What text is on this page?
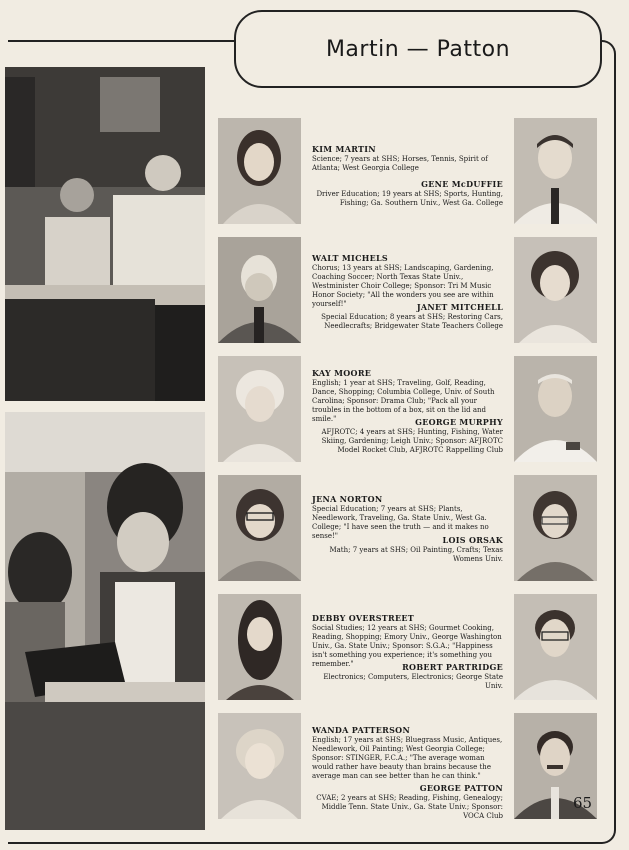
Martin — Patton
KIM MARTIN
Science; 7 years at SHS; Horses, Tennis, Spirit of Atlanta; West Georgia College
GENE McDUFFIE
Driver Education; 19 years at SHS; Sports, Hunting, Fishing; Ga. Southern Univ., West Ga. College
WALT MICHELS
Chorus; 13 years at SHS; Landscaping, Gardening, Coaching Soccer; North Texas State Univ., Westminister Choir College; Sponsor: Tri M Music Honor Society; "All the wonders you see are within yourself!"	JANET MITCHELL
Special Education; 8 years at SHS; Restoring Cars, Needlecrafts; Bridgewater State Teachers College
KAY MOORE
English; 1 year at SHS; Traveling, Golf, Reading, Dance, Shopping; Columbia College, Univ. of South Carolina; Sponsor: Drama Club; "Pack all your troubles in the bottom of a box, sit on the lid and smile."	GEORGE MURPHY
AFJROTC; 4 years at SHS; Hunting, Fishing, Water Skiing, Gardening; Leigh Univ.; Sponsor: AFJROTC Model Rocket Club, AFJROTC Rappelling Club
JENA NORTON
Special Education; 7 years at SHS; Plants, Needlework, Traveling, Ga. State Univ., West Ga. College; "I have seen the truth — and it makes no sense!"	LOIS ORSAK
Math; 7 years at SHS; Oil Painting, Crafts; Texas Womens Univ.
DEBBY OVERSTREET
Social Studies; 12 years at SHS; Gourmet Cooking, Reading, Shopping; Emory Univ., George Washington Univ., Ga. State Univ.; Sponsor: S.G.A.; "Happiness isn't something you experience; it's something you remember."	ROBERT PARTRIDGE
Electronics; Computers, Electronics; George State Univ.
WANDA PATTERSON
English; 17 years at SHS; Bluegrass Music, Antiques, Needlework, Oil Painting; West Georgia College; Sponsor: STINGER, F.C.A.; "The average woman would rather have beauty than brains because the average man can see better than he can think."
GEORGE PATTON
CVAE; 2 years at SHS; Reading, Fishing, Genealogy; Middle Tenn. State Univ., Ga. State Univ.; Sponsor: VOCA Club
65
